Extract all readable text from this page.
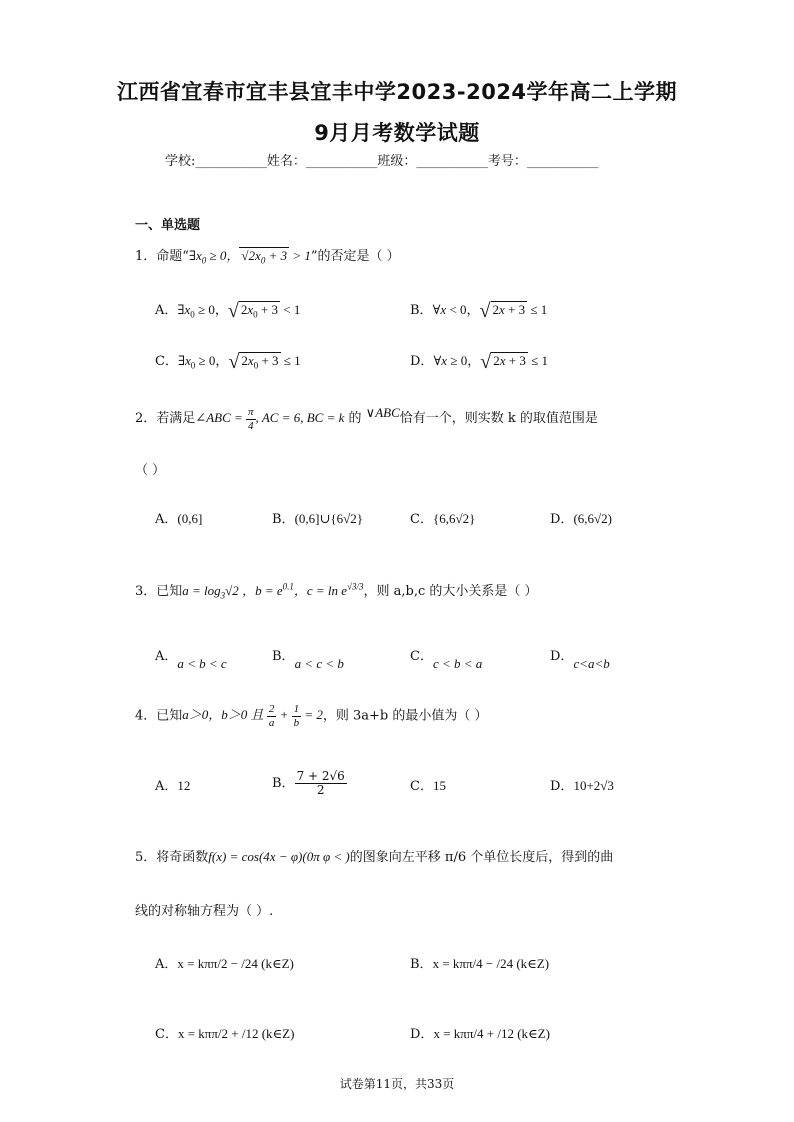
江西省宜春市宜丰县宜丰中学2023-2024学年高二上学期
9月月考数学试题
学校:___________姓名：___________班级：___________考号：___________
一、单选题
1．命题“$\exists x_0 \ge 0$， $√2x_0 + 3 > 1$”的否定是（ ）
A．$\exists x_0 \ge 0$，√ $2x_0 + 3 < 1$	B．∀x < 0，√ 2x + 3 ≤ 1
C．$\exists x_0 \ge 0$，√ $2x_0 + 3 \le 1$	D．∀x ≥ 0，√ 2x + 3 ≤ 1
2．若满足∠ABC = $\frac{\pi}{4}$ , AC = 6, BC = k 的 ∨ABC恰有一个，则实数 k 的取值范围是
（ ）
A．(0,6]	B．(0,6]∪{6√2}	C．{6,6√2}	D．(6,6√2)
3．已知$a = \log_3√2$ ，$b = e^{0.1}$，$c = \ln e^{√3/3}$，则 a,b,c 的大小关系是（ ）
A．a < b < c	B．a < c < b	C．c < b < a	D．c<a<b
4．已知a＞0，b＞0 且 $\frac{2}{a} + \frac{1}{b} = 2$，则 3a+b 的最小值为（ ）
A．12	B． $\frac{7 + 2√6}{2}$	C．15	D．10+2√3
5．将奇函数f(x) = cos(4x − φ)(0π φ < )的图象向左平移 π/6 个单位长度后，得到的曲
线的对称轴方程为（ ）.
A．x = kππ/2 − /24 (k∈Z)	B．x = kππ/4 − /24 (k∈Z)
C．x = kππ/2 + /12 (k∈Z)	D．x = kππ/4 + /12 (k∈Z)
试卷第11页，共33页
